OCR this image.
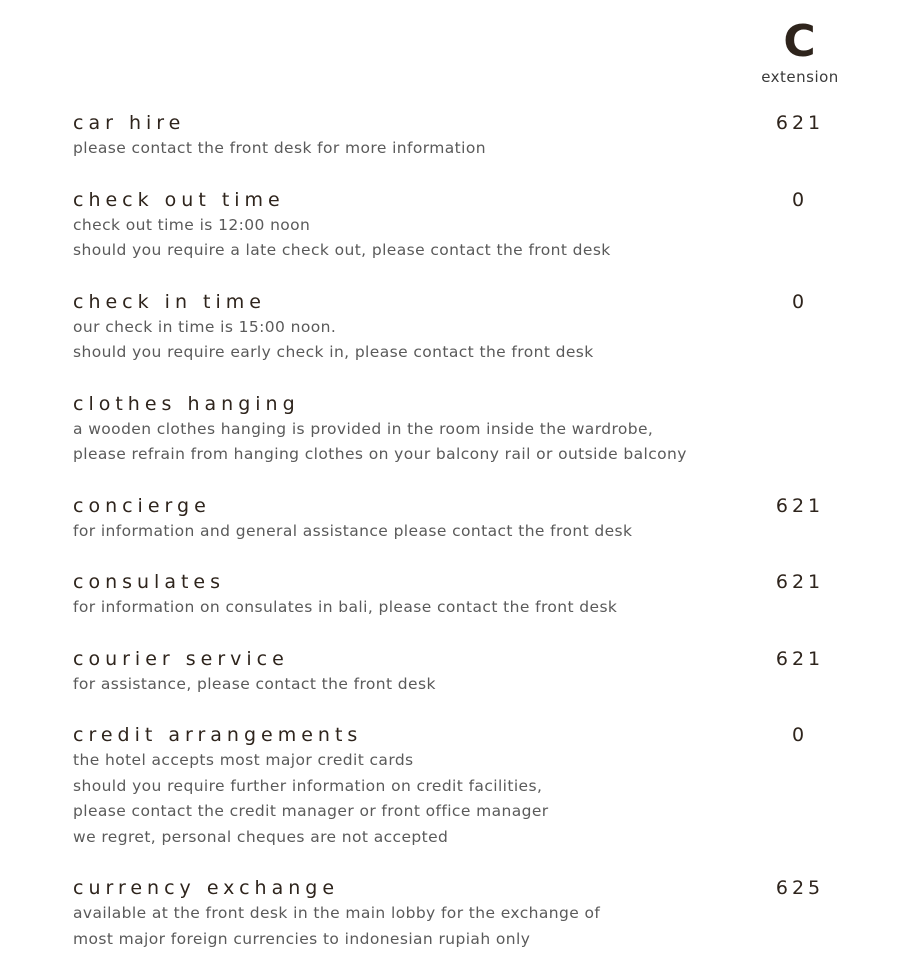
C
extension
car hire	621
please contact the front desk for more information
check out time	0
check out time is 12:00 noon
should you require a late check out, please contact the front desk
check in time	0
our check in time is 15:00 noon.
should you require early check in, please contact the front desk
clothes hanging
a wooden clothes hanging is provided in the room inside the wardrobe,
please refrain from hanging clothes on your balcony rail or outside balcony
concierge	621
for information and general assistance please contact the front desk
consulates	621
for information on consulates in bali, please contact the front desk
courier service	621
for assistance, please contact the front desk
credit arrangements	0
the hotel accepts most major credit cards
should you require further information on credit facilities,
please contact the credit manager or front office manager
we regret, personal cheques are not accepted
currency exchange	625
available at the front desk in the main lobby for the exchange of
most major foreign currencies to indonesian rupiah only
